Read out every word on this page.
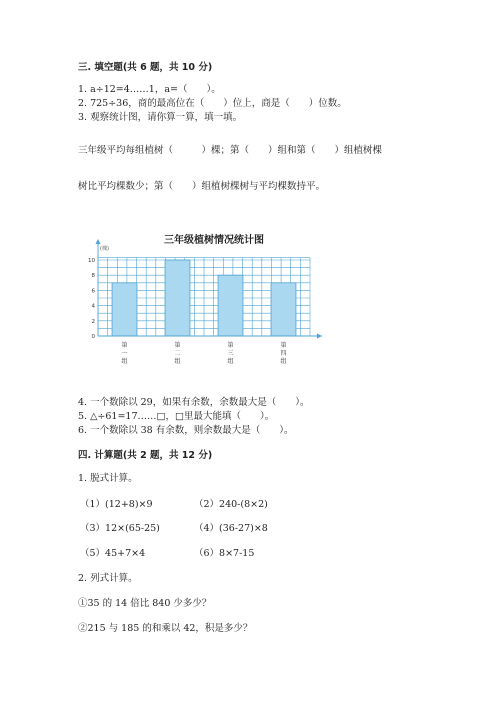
三. 填空题(共 6 题，共 10 分)
1. a÷12=4……1，a=（　　）。
2. 725÷36，商的最高位在（　　）位上，商是（　　）位数。
3. 观察统计图，请你算一算，填一填。
三年级平均每组植树（　　　）棵；第（　　）组和第（　　）组植树棵
树比平均棵数少；第（　　）组植树棵树与平均棵数持平。
三年级植树情况统计图
(棵)
0
2
4
6
8
10
第
一
组
第
二
组
第
三
组
第
四
组
4. 一个数除以 29，如果有余数，余数最大是（　　）。
5. △÷61=17……□，□里最大能填（　　）。
6. 一个数除以 38 有余数，则余数最大是（　　）。
四. 计算题(共 2 题，共 12 分)
1. 脱式计算。
（1）(12+8)×9	（2）240-(8×2)
（3）12×(65-25)	（4）(36-27)×8
（5）45+7×4	（6）8×7-15
2. 列式计算。
①35 的 14 倍比 840 少多少？
②215 与 185 的和乘以 42，积是多少？
